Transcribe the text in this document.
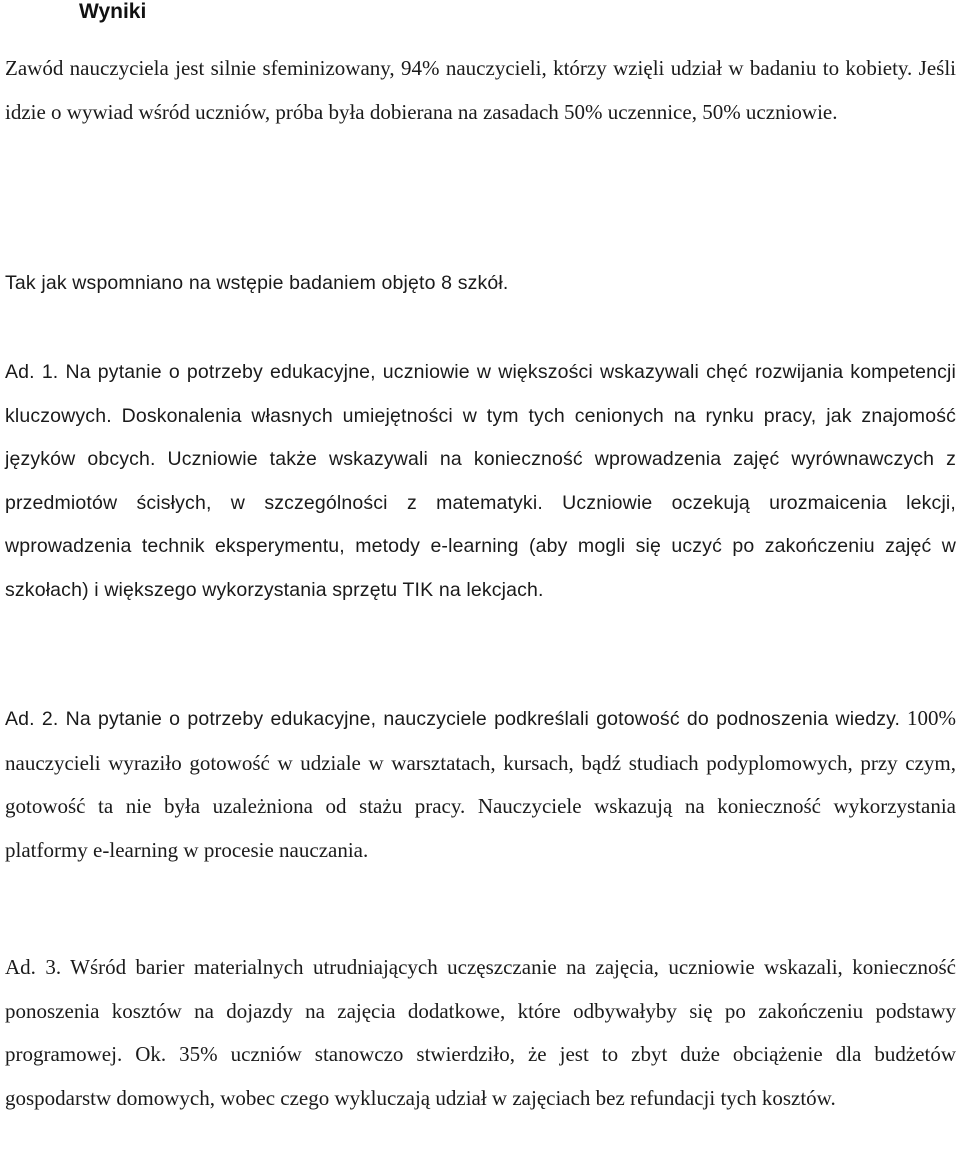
Wyniki

Zawód nauczyciela jest silnie sfeminizowany, 94% nauczycieli, którzy wzięli udział w badaniu to kobiety. Jeśli idzie o wywiad wśród uczniów, próba była dobierana na zasadach 50% uczennice, 50% uczniowie.

Tak jak wspomniano na wstępie badaniem objęto 8 szkół.

Ad. 1. Na pytanie o potrzeby edukacyjne, uczniowie w większości wskazywali chęć rozwijania kompetencji kluczowych. Doskonalenia własnych umiejętności w tym tych cenionych na rynku pracy, jak znajomość języków obcych. Uczniowie także wskazywali na konieczność wprowadzenia zajęć wyrównawczych z przedmiotów ścisłych, w szczególności z matematyki. Uczniowie oczekują urozmaicenia lekcji, wprowadzenia technik eksperymentu, metody e-learning (aby mogli się uczyć po zakończeniu zajęć w szkołach) i większego wykorzystania sprzętu TIK na lekcjach.

Ad. 2. Na pytanie o potrzeby edukacyjne, nauczyciele podkreślali gotowość do podnoszenia wiedzy. 100% nauczycieli wyraziło gotowość w udziale w warsztatach, kursach, bądź studiach podyplomowych, przy czym, gotowość ta nie była uzależniona od stażu pracy. Nauczyciele wskazują na konieczność wykorzystania platformy e-learning w procesie nauczania.

Ad. 3. Wśród barier materialnych utrudniających uczęszczanie na zajęcia, uczniowie wskazali, konieczność ponoszenia kosztów na dojazdy na zajęcia dodatkowe, które odbywałyby się po zakończeniu podstawy programowej. Ok. 35% uczniów stanowczo stwierdziło, że jest to zbyt duże obciążenie dla budżetów gospodarstw domowych, wobec czego wykluczają udział w zajęciach bez refundacji tych kosztów.
